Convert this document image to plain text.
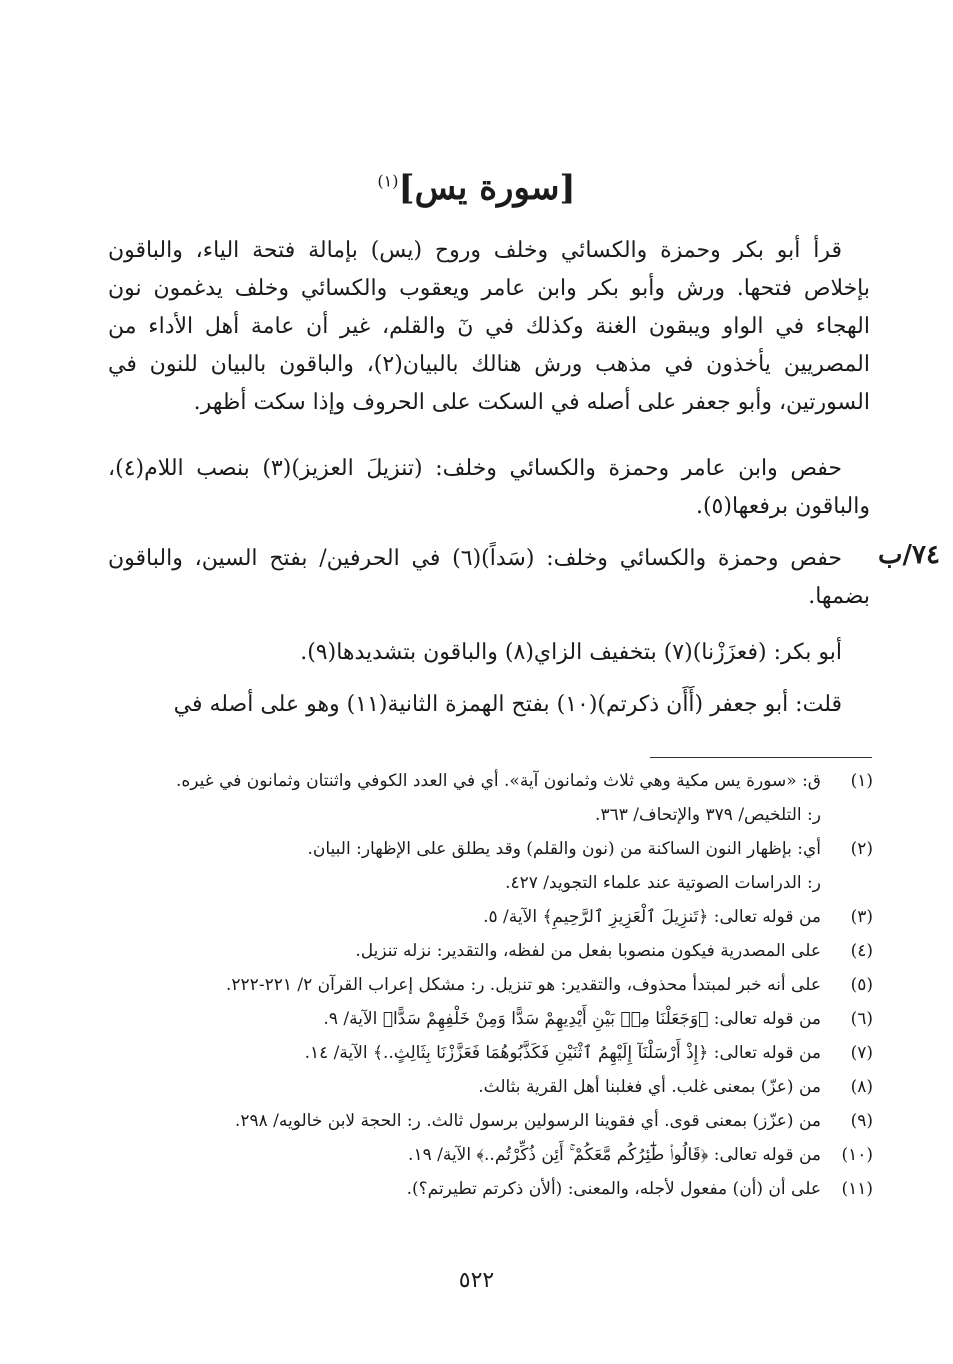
[سورة يس]$^{(١)}$
٧٤/ب
قرأ أبو بكر وحمزة والكسائي وخلف وروح (يس) بإمالة فتحة الياء، والباقون بإخلاص فتحها. ورش وأبو بكر وابن عامر ويعقوب والكسائي وخلف يدغمون نون الهجاء في الواو ويبقون الغنة وكذلك في نٓ والقلم، غير أن عامة أهل الأداء من المصريين يأخذون في مذهب ورش هنالك بالبيان(٢)، والباقون بالبيان للنون في السورتين، وأبو جعفر على أصله في السكت على الحروف وإذا سكت أظهر.
حفص وابن عامر وحمزة والكسائي وخلف: (تنزيلَ العزيز)(٣) بنصب اللام(٤)، والباقون برفعها(٥).
حفص وحمزة والكسائي وخلف: (سَداً)(٦) في الحرفين/ بفتح السين، والباقون بضمها.
أبو بكر: (فعزَزْنا)(٧) بتخفيف الزاي(٨) والباقون بتشديدها(٩).
قلت: أبو جعفر (أَأَن ذكرتم)(١٠) بفتح الهمزة الثانية(١١) وهو على أصله في
(١)
ق: «سورة يس مكية وهي ثلاث وثمانون آية». أي في العدد الكوفي واثنتان وثمانون في غيره.
ر: التلخيص/ ٣٧٩ والإتحاف/ ٣٦٣.
(٢)
أي: بإظهار النون الساكنة من (نون والقلم) وقد يطلق على الإظهار: البيان.
ر: الدراسات الصوتية عند علماء التجويد/ ٤٢٧.
(٣)
من قوله تعالى: ﴿تَنزِيلَ ٱلْعَزِيزِ ٱلرَّحِيمِ﴾ الآية/ ٥.
(٤)
على المصدرية فيكون منصوبا بفعل من لفظه، والتقدير: نزله تنزيل.
(٥)
على أنه خبر لمبتدأ محذوف، والتقدير: هو تنزيل. ر: مشكل إعراب القرآن ٢/ ٢٢١-٢٢٢.
(٦)
من قوله تعالى: ﴿وَجَعَلْنَا مِنۢ بَيْنِ أَيْدِيهِمْ سَدًّا وَمِنْ خَلْفِهِمْ سَدًّا﴾ الآية/ ٩.
(٧)
من قوله تعالى: ﴿إِذْ أَرْسَلْنَآ إِلَيْهِمُ ٱثْنَيْنِ فَكَذَّبُوهُمَا فَعَزَّزْنَا بِثَالِثٍ..﴾ الآية/ ١٤.
(٨)
من (عزّ) بمعنى غلب. أي فغلبنا أهل القرية بثالث.
(٩)
من (عزّز) بمعنى قوى. أي فقوينا الرسولين برسول ثالث. ر: الحجة لابن خالويه/ ٢٩٨.
(١٠)
من قوله تعالى: ﴿قَالُوا۟ طَٰٓئِرُكُم مَّعَكُمْ ۚ أَئِن ذُكِّرْتُم..﴾ الآية/ ١٩.
(١١)
على أن (أن) مفعول لأجله، والمعنى: (ألأن ذكرتم تطيرتم؟).
٥٢٢
